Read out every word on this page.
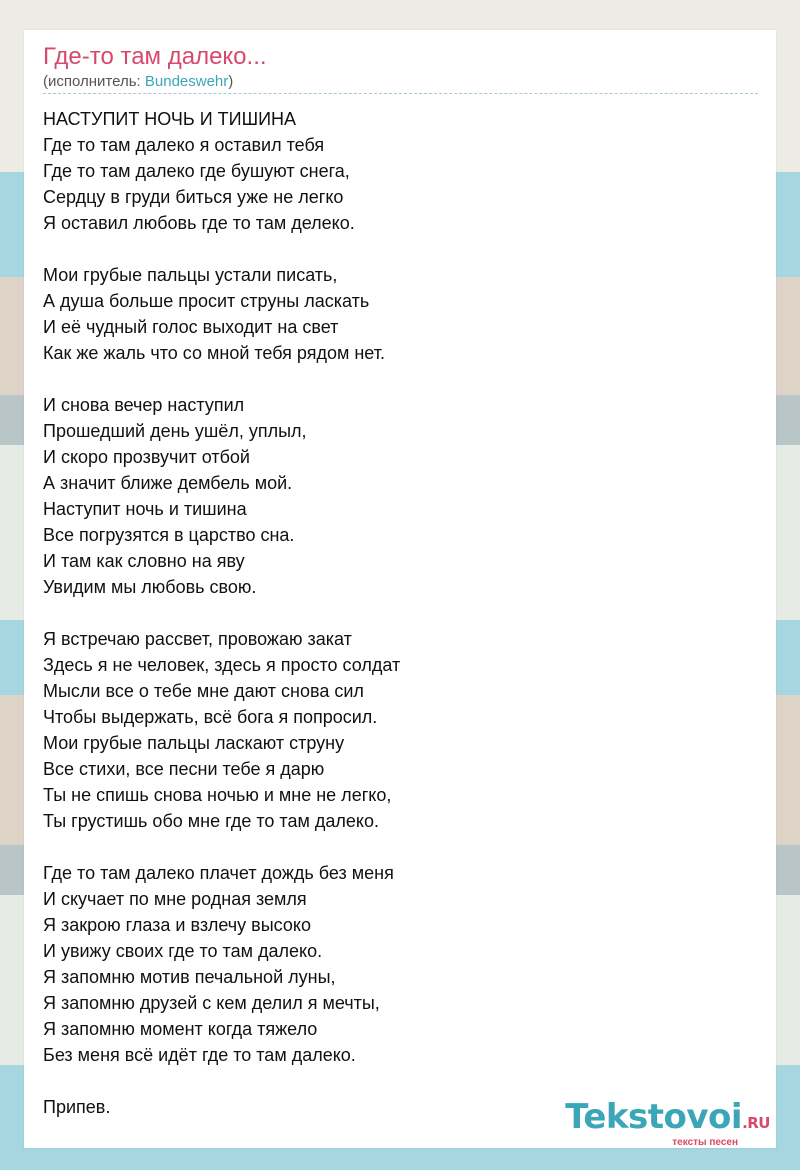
Где-то там далеко...
(исполнитель: Bundeswehr)
НАСТУПИТ НОЧЬ И ТИШИНА
Где то там далеко я оставил тебя
Где то там далеко где бушуют снега,
Сердцу в груди биться уже не легко
Я оставил любовь где то там делеко.
Мои грубые пальцы устали писать,
А душа больше просит струны ласкать
И её чудный голос выходит на свет
Как же жаль что со мной тебя рядом нет.
И снова вечер наступил
Прошедший день ушёл, уплыл,
И скоро прозвучит отбой
А значит ближе дембель мой.
Наступит ночь и тишина
Все погрузятся в царство сна.
И там как словно на яву
Увидим мы любовь свою.
Я встречаю рассвет, провожаю закат
Здесь я не человек, здесь я просто солдат
Мысли все о тебе мне дают снова сил
Чтобы выдержать, всё бога я попросил.
Мои грубые пальцы ласкают струну
Все стихи, все песни тебе я дарю
Ты не спишь снова ночью и мне не легко,
Ты грустишь обо мне где то там далеко.
Где то там далеко плачет дождь без меня
И скучает по мне родная земля
Я закрою глаза и взлечу высоко
И увижу своих где то там далеко.
Я запомню мотив печальной луны,
Я запомню друзей с кем делил я мечты,
Я запомню момент когда тяжело
Без меня всё идёт где то там далеко.
Припев.	Tekstovoi.RU
тексты песен
